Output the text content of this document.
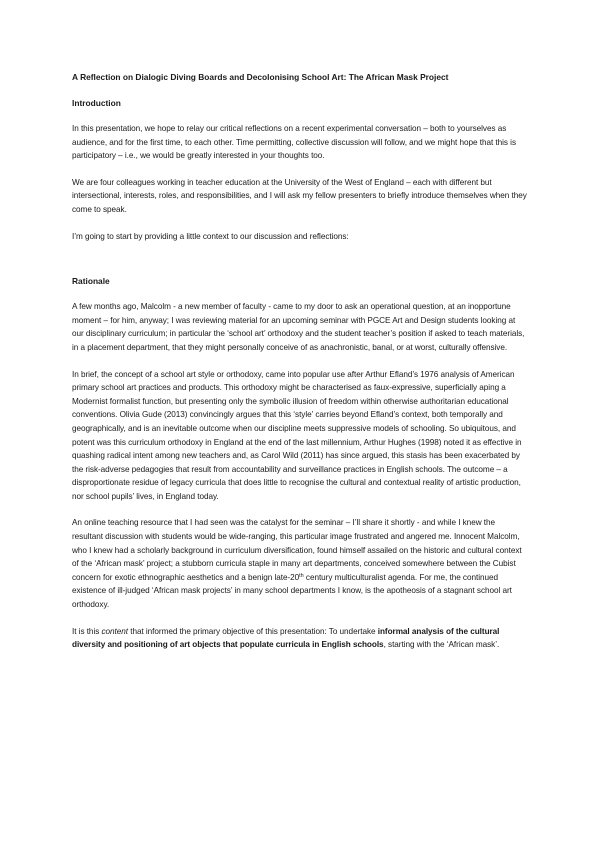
A Reflection on Dialogic Diving Boards and Decolonising School Art: The African Mask Project
Introduction

In this presentation, we hope to relay our critical reflections on a recent experimental conversation – both to yourselves as audience, and for the first time, to each other. Time permitting, collective discussion will follow, and we might hope that this is participatory – i.e., we would be greatly interested in your thoughts too.

We are four colleagues working in teacher education at the University of the West of England – each with different but intersectional, interests, roles, and responsibilities, and I will ask my fellow presenters to briefly introduce themselves when they come to speak.

I’m going to start by providing a little context to our discussion and reflections:

Rationale

A few months ago, Malcolm - a new member of faculty - came to my door to ask an operational question, at an inopportune moment – for him, anyway; I was reviewing material for an upcoming seminar with PGCE Art and Design students looking at our disciplinary curriculum; in particular the ‘school art’ orthodoxy and the student teacher’s position if asked to teach materials, in a placement department, that they might personally conceive of as anachronistic, banal, or at worst, culturally offensive.

In brief, the concept of a school art style or orthodoxy, came into popular use after Arthur Efland’s 1976 analysis of American primary school art practices and products. This orthodoxy might be characterised as faux-expressive, superficially aping a Modernist formalist function, but presenting only the symbolic illusion of freedom within otherwise authoritarian educational conventions. Olivia Gude (2013) convincingly argues that this ‘style’ carries beyond Efland’s context, both temporally and geographically, and is an inevitable outcome when our discipline meets suppressive models of schooling. So ubiquitous, and potent was this curriculum orthodoxy in England at the end of the last millennium, Arthur Hughes (1998) noted it as effective in quashing radical intent among new teachers and, as Carol Wild (2011) has since argued, this stasis has been exacerbated by the risk-adverse pedagogies that result from accountability and surveillance practices in English schools. The outcome – a disproportionate residue of legacy curricula that does little to recognise the cultural and contextual reality of artistic production, nor school pupils’ lives, in England today.

An online teaching resource that I had seen was the catalyst for the seminar – I’ll share it shortly - and while I knew the resultant discussion with students would be wide-ranging, this particular image frustrated and angered me. Innocent Malcolm, who I knew had a scholarly background in curriculum diversification, found himself assailed on the historic and cultural context of the ‘African mask’ project; a stubborn curricula staple in many art departments, conceived somewhere between the Cubist concern for exotic ethnographic aesthetics and a benign late-20th century multiculturalist agenda. For me, the continued existence of ill-judged ‘African mask projects’ in many school departments I know, is the apotheosis of a stagnant school art orthodoxy.

It is this content that informed the primary objective of this presentation: To undertake informal analysis of the cultural diversity and positioning of art objects that populate curricula in English schools, starting with the ‘African mask’.
